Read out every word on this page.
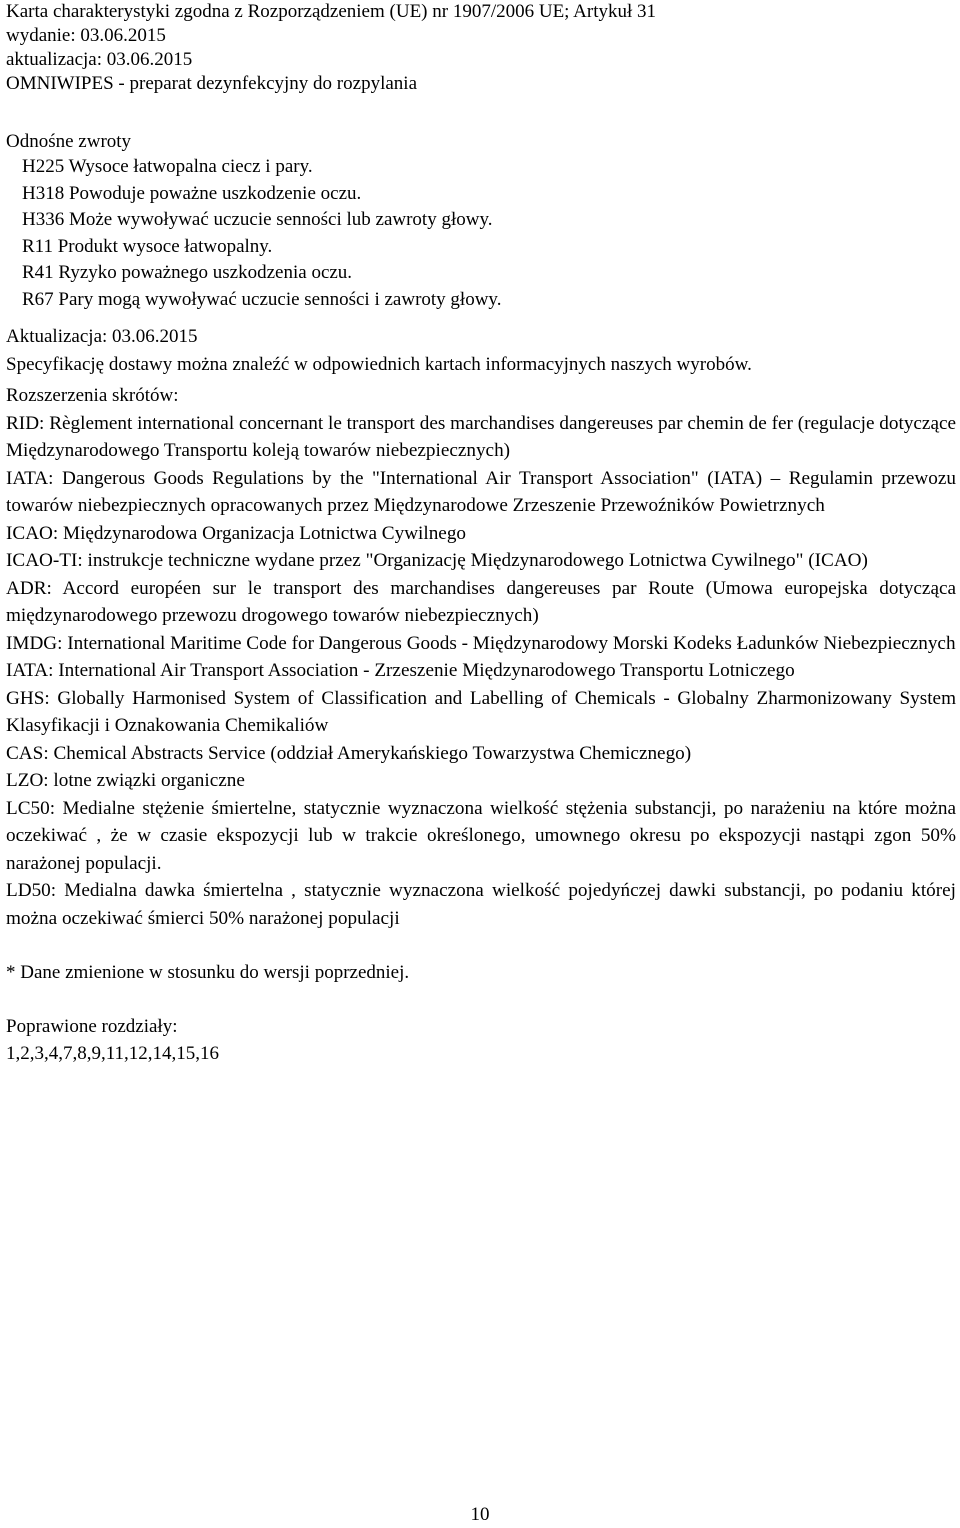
Karta charakterystyki zgodna z Rozporządzeniem (UE) nr 1907/2006 UE; Artykuł 31
wydanie: 03.06.2015
aktualizacja: 03.06.2015
OMNIWIPES - preparat dezynfekcyjny do rozpylania
Odnośne zwroty
H225 Wysoce łatwopalna ciecz i pary.
H318 Powoduje poważne uszkodzenie oczu.
H336 Może wywoływać uczucie senności lub zawroty głowy.
R11 Produkt wysoce łatwopalny.
R41 Ryzyko poważnego uszkodzenia oczu.
R67 Pary mogą wywoływać uczucie senności i zawroty głowy.
Aktualizacja: 03.06.2015
Specyfikację dostawy można znaleźć w odpowiednich kartach informacyjnych naszych wyrobów.
Rozszerzenia skrótów:
RID: Règlement international concernant le transport des marchandises dangereuses par chemin de fer (regulacje dotyczące Międzynarodowego Transportu koleją towarów niebezpiecznych)
IATA: Dangerous Goods Regulations by the "International Air Transport Association" (IATA) – Regulamin przewozu towarów niebezpiecznych opracowanych przez Międzynarodowe Zrzeszenie Przewoźników Powietrznych
ICAO: Międzynarodowa Organizacja Lotnictwa Cywilnego
ICAO-TI: instrukcje techniczne wydane przez "Organizację Międzynarodowego Lotnictwa Cywilnego" (ICAO)
ADR: Accord européen sur le transport des marchandises dangereuses par Route (Umowa europejska dotycząca międzynarodowego przewozu drogowego towarów niebezpiecznych)
IMDG: International Maritime Code for Dangerous Goods - Międzynarodowy Morski Kodeks Ładunków Niebezpiecznych
IATA: International Air Transport Association - Zrzeszenie Międzynarodowego Transportu Lotniczego
GHS: Globally Harmonised System of Classification and Labelling of Chemicals - Globalny Zharmonizowany System Klasyfikacji i Oznakowania Chemikaliów
CAS: Chemical Abstracts Service (oddział Amerykańskiego Towarzystwa Chemicznego)
LZO: lotne związki organiczne
LC50: Medialne stężenie śmiertelne, statycznie wyznaczona wielkość stężenia substancji, po narażeniu na które można oczekiwać , że w czasie ekspozycji lub w trakcie określonego, umownego okresu po ekspozycji nastąpi zgon 50% narażonej populacji.
LD50: Medialna dawka śmiertelna , statycznie wyznaczona wielkość pojedyńczej dawki substancji, po podaniu której można oczekiwać śmierci 50% narażonej populacji
* Dane zmienione w stosunku do wersji poprzedniej.
Poprawione rozdziały:
1,2,3,4,7,8,9,11,12,14,15,16
10
